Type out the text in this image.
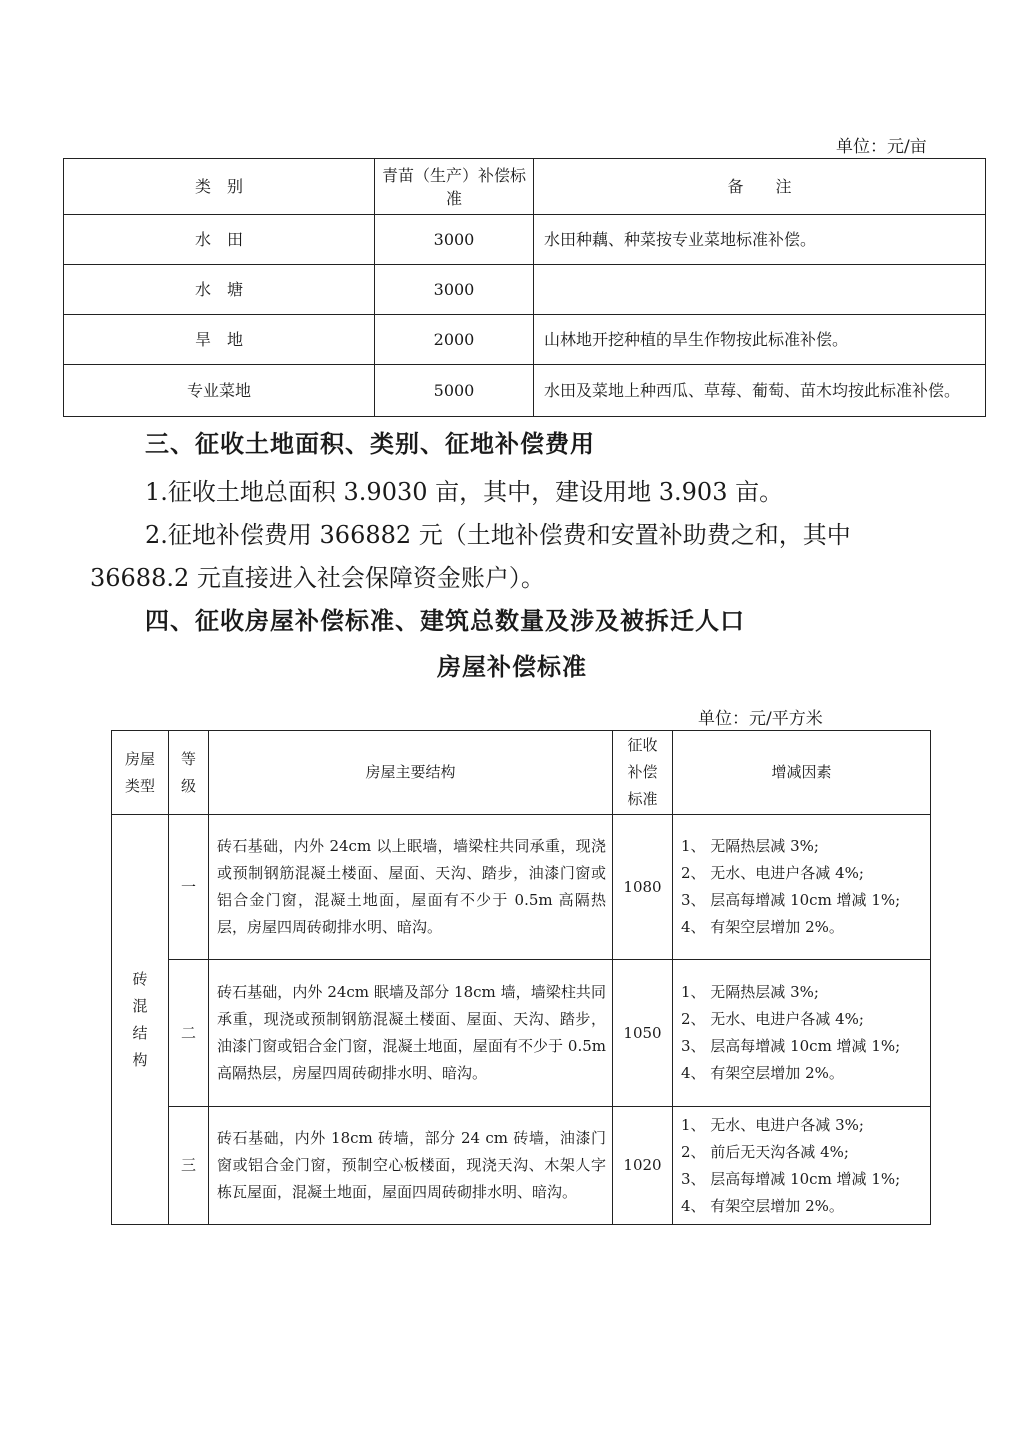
单位：元/亩
类　别	青苗（生产）补偿标准	备　　注
水　田	3000	水田种藕、种菜按专业菜地标准补偿。
水　塘	3000	
旱　地	2000	山林地开挖种植的旱生作物按此标准补偿。
专业菜地	5000	水田及菜地上种西瓜、草莓、葡萄、苗木均按此标准补偿。
三、征收土地面积、类别、征地补偿费用
1.征收土地总面积 3.9030 亩，其中，建设用地 3.903 亩。
2.征地补偿费用 366882 元（土地补偿费和安置补助费之和，其中
36688.2 元直接进入社会保障资金账户）。
四、征收房屋补偿标准、建筑总数量及涉及被拆迁人口
房屋补偿标准
单位：元/平方米
房屋类型	等级	房屋主要结构	征收补偿标准	增减因素
砖混结构	一	砖石基础，内外 24cm 以上眠墙，墙梁柱共同承重，现浇或预制钢筋混凝土楼面、屋面、天沟、踏步，油漆门窗或铝合金门窗，混凝土地面，屋面有不少于 0.5m 高隔热层，房屋四周砖砌排水明、暗沟。	1080	1、 无隔热层减 3%;
2、 无水、电进户各减 4%;
3、 层高每增减 10cm 增减 1%;
4、 有架空层增加 2%。

	二	砖石基础，内外 24cm 眠墙及部分 18cm 墙，墙梁柱共同承重，现浇或预制钢筋混凝土楼面、屋面、天沟、踏步，油漆门窗或铝合金门窗，混凝土地面，屋面有不少于 0.5m 高隔热层，房屋四周砖砌排水明、暗沟。	1050	1、 无隔热层减 3%;
2、 无水、电进户各减 4%;
3、 层高每增减 10cm 增减 1%;
4、 有架空层增加 2%。

	三	砖石基础，内外 18cm 砖墙，部分 24 cm 砖墙，油漆门窗或铝合金门窗，预制空心板楼面，现浇天沟、木架人字栋瓦屋面，混凝土地面，屋面四周砖砌排水明、暗沟。	1020	1、 无水、电进户各减 3%;
2、 前后无天沟各减 4%;
3、 层高每增减 10cm 增减 1%;
4、 有架空层增加 2%。
